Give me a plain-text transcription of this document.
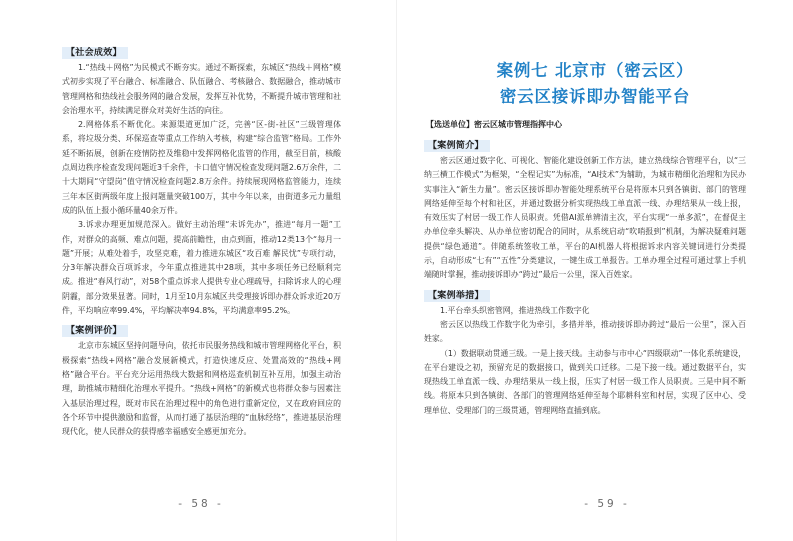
【社会成效】

1.“热线＋网格”为民模式不断夯实。通过不断探索，东城区“热线＋网格”模式初步实现了平台融合、标准融合、队伍融合、考核融合、数据融合，推动城市管理网格和热线社会服务网的融合发展，发挥互补优势，不断提升城市管理和社会治理水平，持续满足群众对美好生活的向往。

2.网格体系不断优化。来源渠道更加广泛，完善“区-街-社区”三级管理体系，将垃圾分类、环保巡查等重点工作纳入考核，构建“综合监管”格局。工作外延不断拓展，创新在疫情防控及维稳中发挥网格化监管的作用，截至目前，核酸点周边秩序检查发现问题近3千余件，卡口值守情况检查发现问题2.6万余件，二十大期间“守望岗”值守情况检查问题2.8万余件。持续展现网格监管能力，连续三年本区街两级年度上报问题量突破100万，其中今年以来，由街道多元力量组成的队伍上报小循环量40余万件。

3.诉求办理更加规范深入。做好主动治理“未诉先办”，推进“每月一题”工作，对群众的高频、难点问题，提高前瞻性，由点到面，推动12类13个“每月一题”开展；从难处着手，攻坚克难，着力推进东城区“攻百难 解民忧”专项行动，分3年解决群众百项诉求，今年重点推进其中28项，其中多项任务已经顺利完成。推进“春风行动”，对58个重点诉求人提供专业心理疏导，扫除诉求人的心理阴霾，部分效果显著。同时，1月至10月东城区共受理接诉即办群众诉求近20万件，平均响应率99.4%，平均解决率94.8%，平均满意率95.2%。

【案例评价】

北京市东城区坚持问题导向，依托市民服务热线和城市管理网格化平台，积极探索“热线+网格”融合发展新模式，打造快速反应、处置高效的“热线+网格”融合平台。平台充分运用热线大数据和网格巡查机制互补互用，加强主动治理，助推城市精细化治理水平提升。“热线+网格”的新模式也将群众参与因素注入基层治理过程，既对市民在治理过程中的角色进行重新定位，又在政府回应的各个环节中提供激励和监督，从而打通了基层治理的“血脉经络”，推进基层治理现代化，使人民群众的获得感幸福感安全感更加充分。

- 58 -
案例七 北京市（密云区）
密云区接诉即办智能平台
【选送单位】密云区城市管理指挥中心
【案例简介】

密云区通过数字化、可视化、智能化建设创新工作方法，建立热线综合管理平台，以“三纳三横工作模式”为框架，“全程记实”为标准，“AI技术”为辅助，为城市精细化治理和为民办实事注入“新生力量”。密云区接诉即办智能处理系统平台是将原本只到各镇街、部门的管理网络延伸至每个村和社区，并通过数据分析实现热线工单直派一线、办理结果从一线上报，有效压实了村居一级工作人员职责。凭借AI派单辨清主次，平台实现“一单多派”，在督促主办单位牵头解决、从办单位密切配合的同时，从系统启动“吹哨报到”机制，为解决疑难问题提供“绿色通道”。伴随系统签收工单，平台的AI机器人将根据诉求内容关键词进行分类提示，自动形成“七有”“五性”分类建议，一键生成工单报告。工单办理全过程可通过掌上手机端随时掌握，推动接诉即办“跨过”最后一公里，深入百姓家。

【案例举措】

1.平台牵头织密管网，推进热线工作数字化

密云区以热线工作数字化为牵引，多措并举，推动接诉即办跨过“最后一公里”，深入百姓家。

（1）数据联动贯通三级。一是上接天线。主动参与市中心“四级联动”一体化系统建设，在平台建设之初，预留充足的数据接口，做到关口迁移。二是下接一线。通过数据平台，实现热线工单直派一线、办理结果从一线上报，压实了村居一级工作人员职责。三是中间不断线。将原本只到各镇街、各部门的管理网络延伸至每个耶耕科室和村居，实现了区中心、受理单位、受理部门的三级贯通，管理网络直插到底。

- 59 -
